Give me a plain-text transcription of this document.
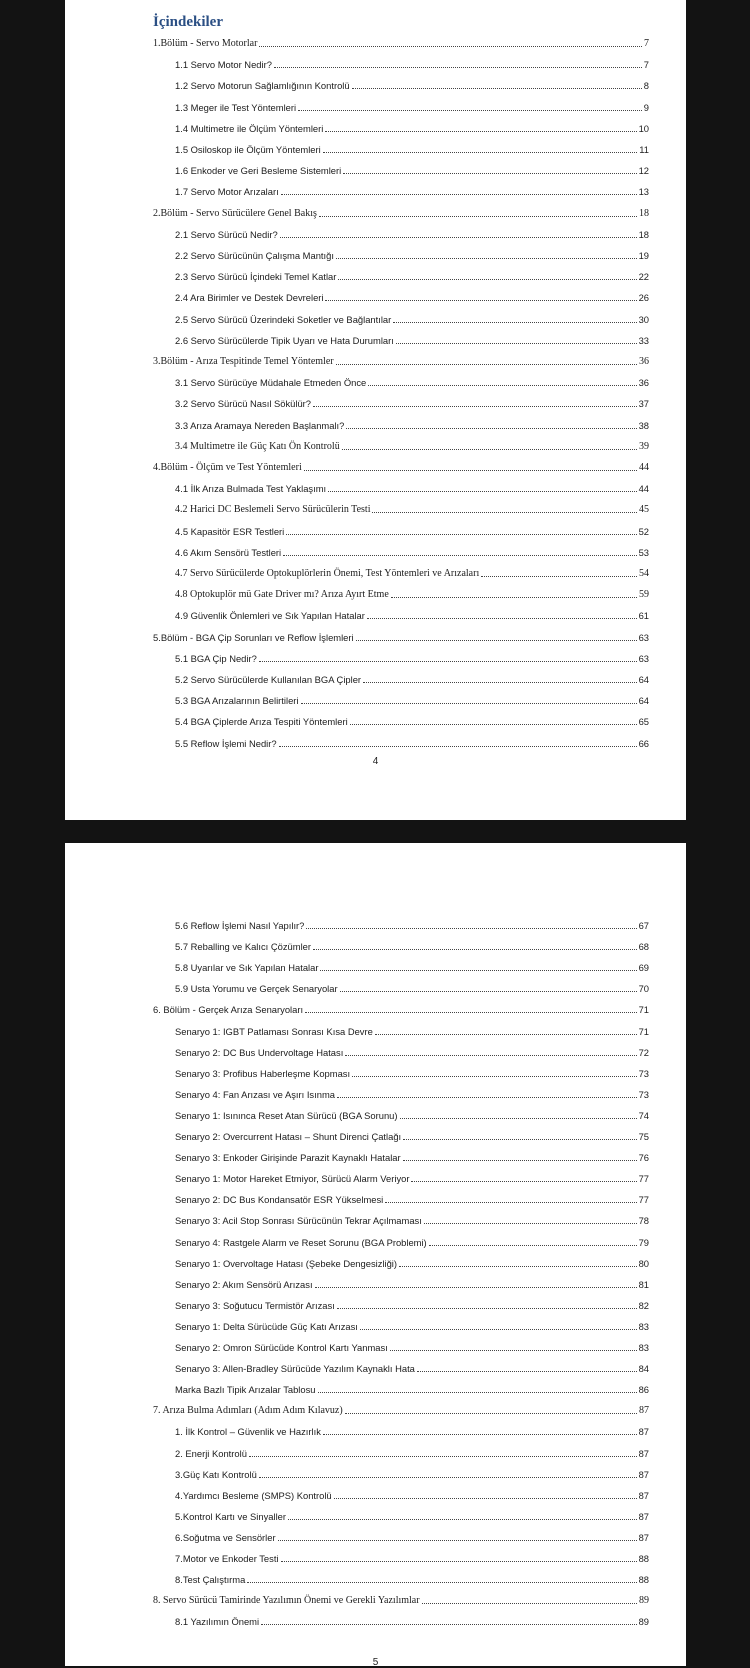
İçindekiler
1.Bölüm - Servo Motorlar	7
1.1 Servo Motor Nedir?	7
1.2 Servo Motorun Sağlamlığının Kontrolü	8
1.3 Meger ile Test Yöntemleri	9
1.4 Multimetre ile Ölçüm Yöntemleri	10
1.5 Osiloskop ile Ölçüm Yöntemleri	11
1.6 Enkoder ve Geri Besleme Sistemleri	12
1.7 Servo Motor Arızaları	13
2.Bölüm - Servo Sürücülere Genel Bakış	18
2.1 Servo Sürücü Nedir?	18
2.2 Servo Sürücünün Çalışma Mantığı	19
2.3 Servo Sürücü İçindeki Temel Katlar	22
2.4 Ara Birimler ve Destek Devreleri	26
2.5 Servo Sürücü Üzerindeki Soketler ve Bağlantılar	30
2.6 Servo Sürücülerde Tipik Uyarı ve Hata Durumları	33
3.Bölüm - Arıza Tespitinde Temel Yöntemler	36
3.1 Servo Sürücüye Müdahale Etmeden Önce	36
3.2 Servo Sürücü Nasıl Sökülür?	37
3.3 Arıza Aramaya Nereden Başlanmalı?	38
3.4 Multimetre ile Güç Katı Ön Kontrolü	39
4.Bölüm - Ölçüm ve Test Yöntemleri	44
4.1 İlk Arıza Bulmada Test Yaklaşımı	44
4.2 Harici DC Beslemeli Servo Sürücülerin Testi	45
4.5 Kapasitör ESR Testleri	52
4.6 Akım Sensörü Testleri	53
4.7 Servo Sürücülerde Optokuplörlerin Önemi, Test Yöntemleri ve Arızaları	54
4.8 Optokuplör mü Gate Driver mı? Arıza Ayırt Etme	59
4.9 Güvenlik Önlemleri ve Sık Yapılan Hatalar	61
5.Bölüm - BGA Çip Sorunları ve Reflow İşlemleri	63
5.1 BGA Çip Nedir?	63
5.2 Servo Sürücülerde Kullanılan BGA Çipler	64
5.3 BGA Arızalarının Belirtileri	64
5.4 BGA Çiplerde Arıza Tespiti Yöntemleri	65
5.5 Reflow İşlemi Nedir?	66
4
5.6 Reflow İşlemi Nasıl Yapılır?	67
5.7 Reballing ve Kalıcı Çözümler	68
5.8 Uyarılar ve Sık Yapılan Hatalar	69
5.9 Usta Yorumu ve Gerçek Senaryolar	70
6. Bölüm - Gerçek Arıza Senaryoları	71
Senaryo 1: IGBT Patlaması Sonrası Kısa Devre	71
Senaryo 2: DC Bus Undervoltage Hatası	72
Senaryo 3: Profibus Haberleşme Kopması	73
Senaryo 4: Fan Arızası ve Aşırı Isınma	73
Senaryo 1: Isınınca Reset Atan Sürücü (BGA Sorunu)	74
Senaryo 2: Overcurrent Hatası – Shunt Direnci Çatlağı	75
Senaryo 3: Enkoder Girişinde Parazit Kaynaklı Hatalar	76
Senaryo 1: Motor Hareket Etmiyor, Sürücü Alarm Veriyor	77
Senaryo 2: DC Bus Kondansatör ESR Yükselmesi	77
Senaryo 3: Acil Stop Sonrası Sürücünün Tekrar Açılmaması	78
Senaryo 4: Rastgele Alarm ve Reset Sorunu (BGA Problemi)	79
Senaryo 1: Overvoltage Hatası (Şebeke Dengesizliği)	80
Senaryo 2: Akım Sensörü Arızası	81
Senaryo 3: Soğutucu Termistör Arızası	82
Senaryo 1: Delta Sürücüde Güç Katı Arızası	83
Senaryo 2: Omron Sürücüde Kontrol Kartı Yanması	83
Senaryo 3: Allen-Bradley Sürücüde Yazılım Kaynaklı Hata	84
Marka Bazlı Tipik Arızalar Tablosu	86
7. Arıza Bulma Adımları (Adım Adım Kılavuz)	87
1. İlk Kontrol – Güvenlik ve Hazırlık	87
2. Enerji Kontrolü	87
3.Güç Katı Kontrolü	87
4.Yardımcı Besleme (SMPS) Kontrolü	87
5.Kontrol Kartı ve Sinyaller	87
6.Soğutma ve Sensörler	87
7.Motor ve Enkoder Testi	88
8.Test Çalıştırma	88
8. Servo Sürücü Tamirinde Yazılımın Önemi ve Gerekli Yazılımlar	89
8.1 Yazılımın Önemi	89
5
